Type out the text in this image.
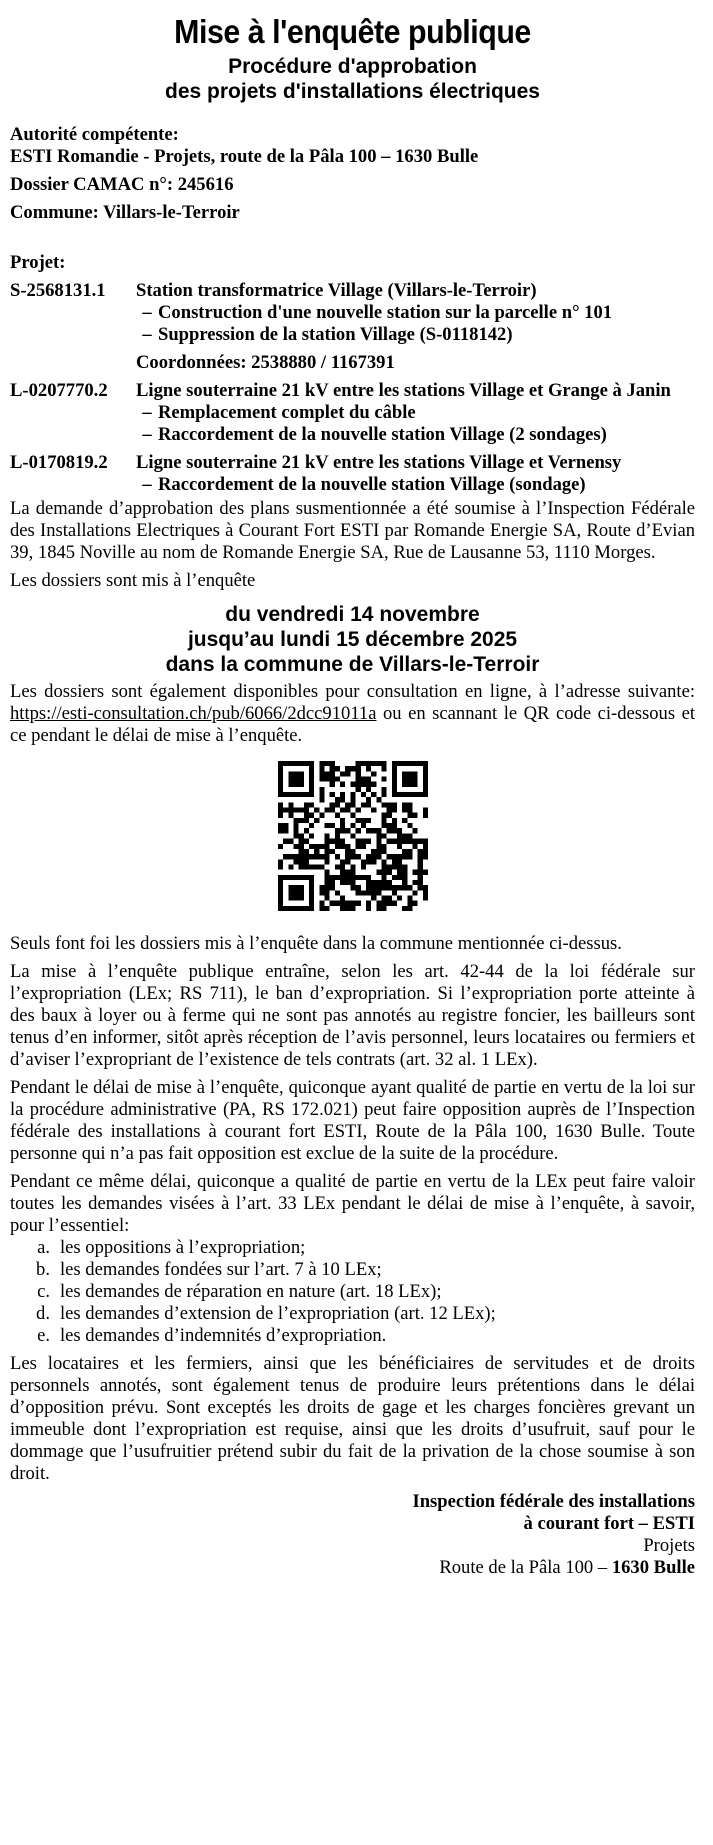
Mise à l'enquête publique
Procédure d'approbation
des projets d'installations électriques
Autorité compétente:
ESTI Romandie - Projets, route de la Pâla 100 – 1630 Bulle
Dossier CAMAC n°: 245616
Commune: Villars-le-Terroir
Projet:
S-2568131.1	Station transformatrice Village (Villars-le-Terroir)
– Construction d'une nouvelle station sur la parcelle n° 101
– Suppression de la station Village (S-0118142)
Coordonnées: 2538880 / 1167391
L-0207770.2	Ligne souterraine 21 kV entre les stations Village et Grange à Janin
– Remplacement complet du câble
– Raccordement de la nouvelle station Village (2 sondages)
L-0170819.2	Ligne souterraine 21 kV entre les stations Village et Vernensy
– Raccordement de la nouvelle station Village (sondage)
La demande d’approbation des plans susmentionnée a été soumise à l’Inspection Fédérale des Installations Electriques à Courant Fort ESTI par Romande Energie SA, Route d’Evian 39, 1845 Noville au nom de Romande Energie SA, Rue de Lausanne 53, 1110 Morges.
Les dossiers sont mis à l’enquête
du vendredi 14 novembre
jusqu’au lundi 15 décembre 2025
dans la commune de Villars-le-Terroir
Les dossiers sont également disponibles pour consultation en ligne, à l’adresse suivante: https://esti-consultation.ch/pub/6066/2dcc91011a ou en scannant le QR code ci-dessous et ce pendant le délai de mise à l’enquête.
Seuls font foi les dossiers mis à l’enquête dans la commune mentionnée ci-dessus.
La mise à l’enquête publique entraîne, selon les art. 42-44 de la loi fédérale sur l’expropriation (LEx; RS 711), le ban d’expropriation. Si l’expropriation porte atteinte à des baux à loyer ou à ferme qui ne sont pas annotés au registre foncier, les bailleurs sont tenus d’en informer, sitôt après réception de l’avis personnel, leurs locataires ou fermiers et d’aviser l’expropriant de l’existence de tels contrats (art. 32 al. 1 LEx).
Pendant le délai de mise à l’enquête, quiconque ayant qualité de partie en vertu de la loi sur la procédure administrative (PA, RS 172.021) peut faire opposition auprès de l’Inspection fédérale des installations à courant fort ESTI, Route de la Pâla 100, 1630 Bulle. Toute personne qui n’a pas fait opposition est exclue de la suite de la procédure.
Pendant ce même délai, quiconque a qualité de partie en vertu de la LEx peut faire valoir toutes les demandes visées à l’art. 33 LEx pendant le délai de mise à l’enquête, à savoir, pour l’essentiel:
a. les oppositions à l’expropriation;
b. les demandes fondées sur l’art. 7 à 10 LEx;
c. les demandes de réparation en nature (art. 18 LEx);
d. les demandes d’extension de l’expropriation (art. 12 LEx);
e. les demandes d’indemnités d’expropriation.
Les locataires et les fermiers, ainsi que les bénéficiaires de servitudes et de droits personnels annotés, sont également tenus de produire leurs prétentions dans le délai d’opposition prévu. Sont exceptés les droits de gage et les charges foncières grevant un immeuble dont l’expropriation est requise, ainsi que les droits d’usufruit, sauf pour le dommage que l’usufruitier prétend subir du fait de la privation de la chose soumise à son droit.
Inspection fédérale des installations
à courant fort – ESTI
Projets
Route de la Pâla 100 – 1630 Bulle
